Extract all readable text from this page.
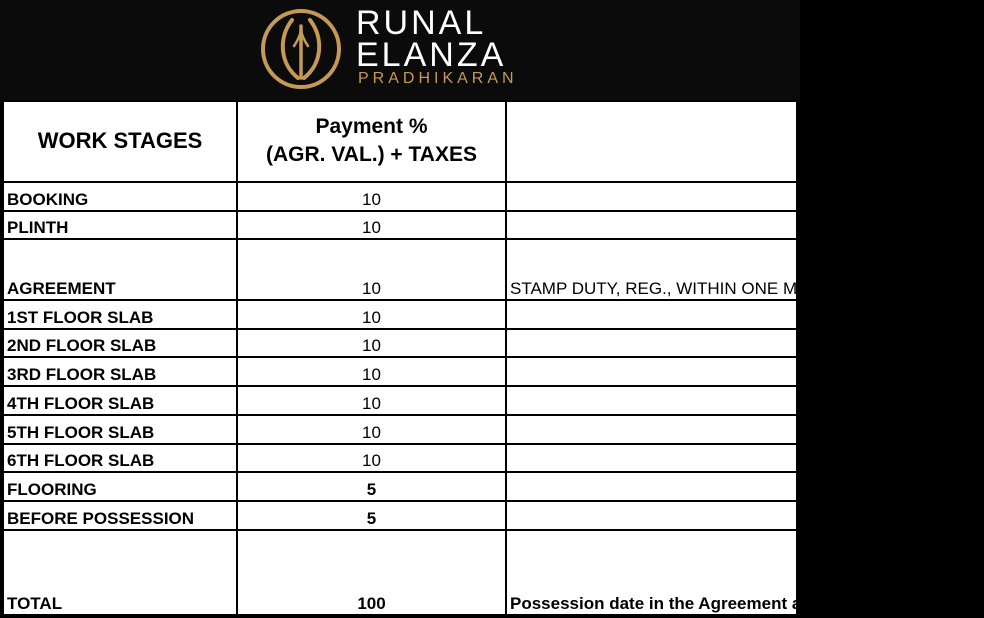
RUNAL
ELANZA
PRADHIKARAN
WORK STAGES	Payment %
(AGR. VAL.) + TAXES	
BOOKING	10	
PLINTH	10	
AGREEMENT	10	STAMP DUTY, REG., WITHIN ONE MONTH FROM BOOKING
1ST FLOOR SLAB	10	
2ND FLOOR SLAB	10	
3RD FLOOR SLAB	10	
4TH FLOOR SLAB	10	
5TH FLOOR SLAB	10	
6TH FLOOR SLAB	10	
FLOORING	5	
BEFORE POSSESSION	5	
TOTAL	100	Possession date in the Agreement and RERA - JUNE 19
